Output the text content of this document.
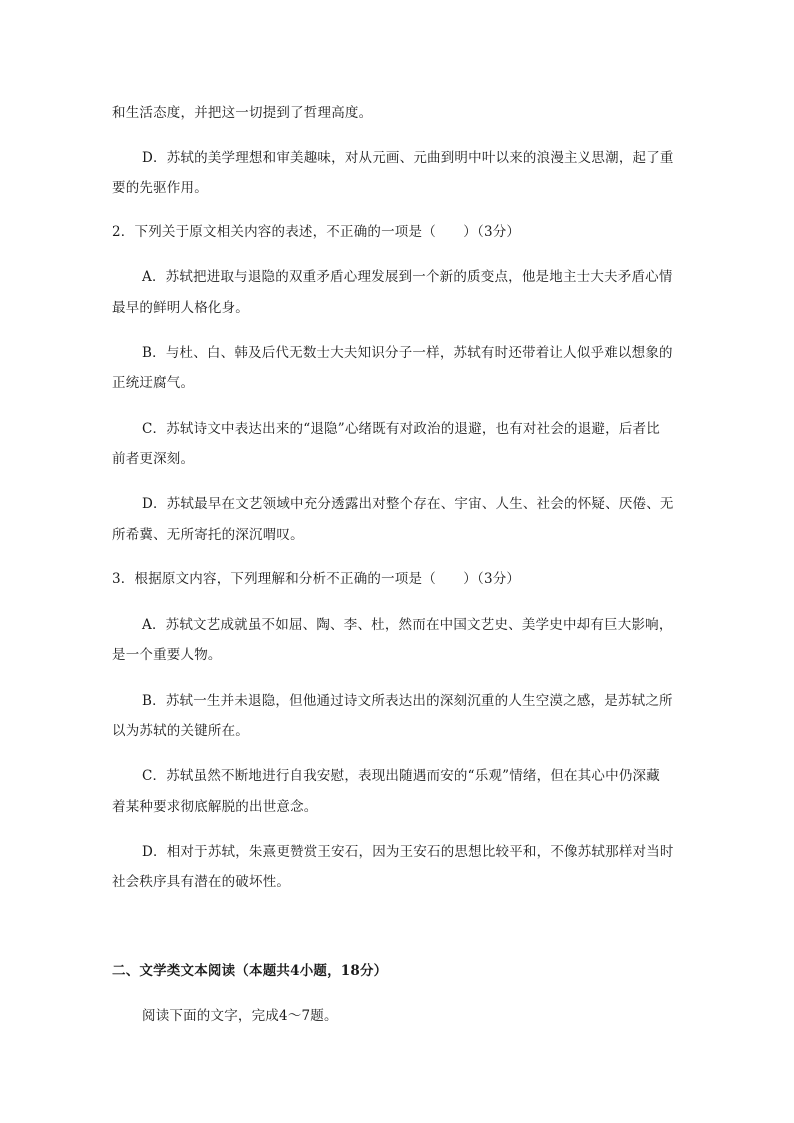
和生活态度，并把这一切提到了哲理高度。
D．苏轼的美学理想和审美趣味，对从元画、元曲到明中叶以来的浪漫主义思潮，起了重
要的先驱作用。
2．下列关于原文相关内容的表述，不正确的一项是（　　）（3分）
A．苏轼把进取与退隐的双重矛盾心理发展到一个新的质变点，他是地主士大夫矛盾心情
最早的鲜明人格化身。
B．与杜、白、韩及后代无数士大夫知识分子一样，苏轼有时还带着让人似乎难以想象的
正统迂腐气。
C．苏轼诗文中表达出来的“退隐”心绪既有对政治的退避，也有对社会的退避，后者比
前者更深刻。
D．苏轼最早在文艺领域中充分透露出对整个存在、宇宙、人生、社会的怀疑、厌倦、无
所希冀、无所寄托的深沉喟叹。
3．根据原文内容，下列理解和分析不正确的一项是（　　）（3分）
A．苏轼文艺成就虽不如屈、陶、李、杜，然而在中国文艺史、美学史中却有巨大影响，
是一个重要人物。
B．苏轼一生并未退隐，但他通过诗文所表达出的深刻沉重的人生空漠之感，是苏轼之所
以为苏轼的关键所在。
C．苏轼虽然不断地进行自我安慰，表现出随遇而安的“乐观”情绪，但在其心中仍深藏
着某种要求彻底解脱的出世意念。
D．相对于苏轼，朱熹更赞赏王安石，因为王安石的思想比较平和，不像苏轼那样对当时
社会秩序具有潜在的破坏性。
二、文学类文本阅读（本题共4小题，18分）
阅读下面的文字，完成4～7题。
